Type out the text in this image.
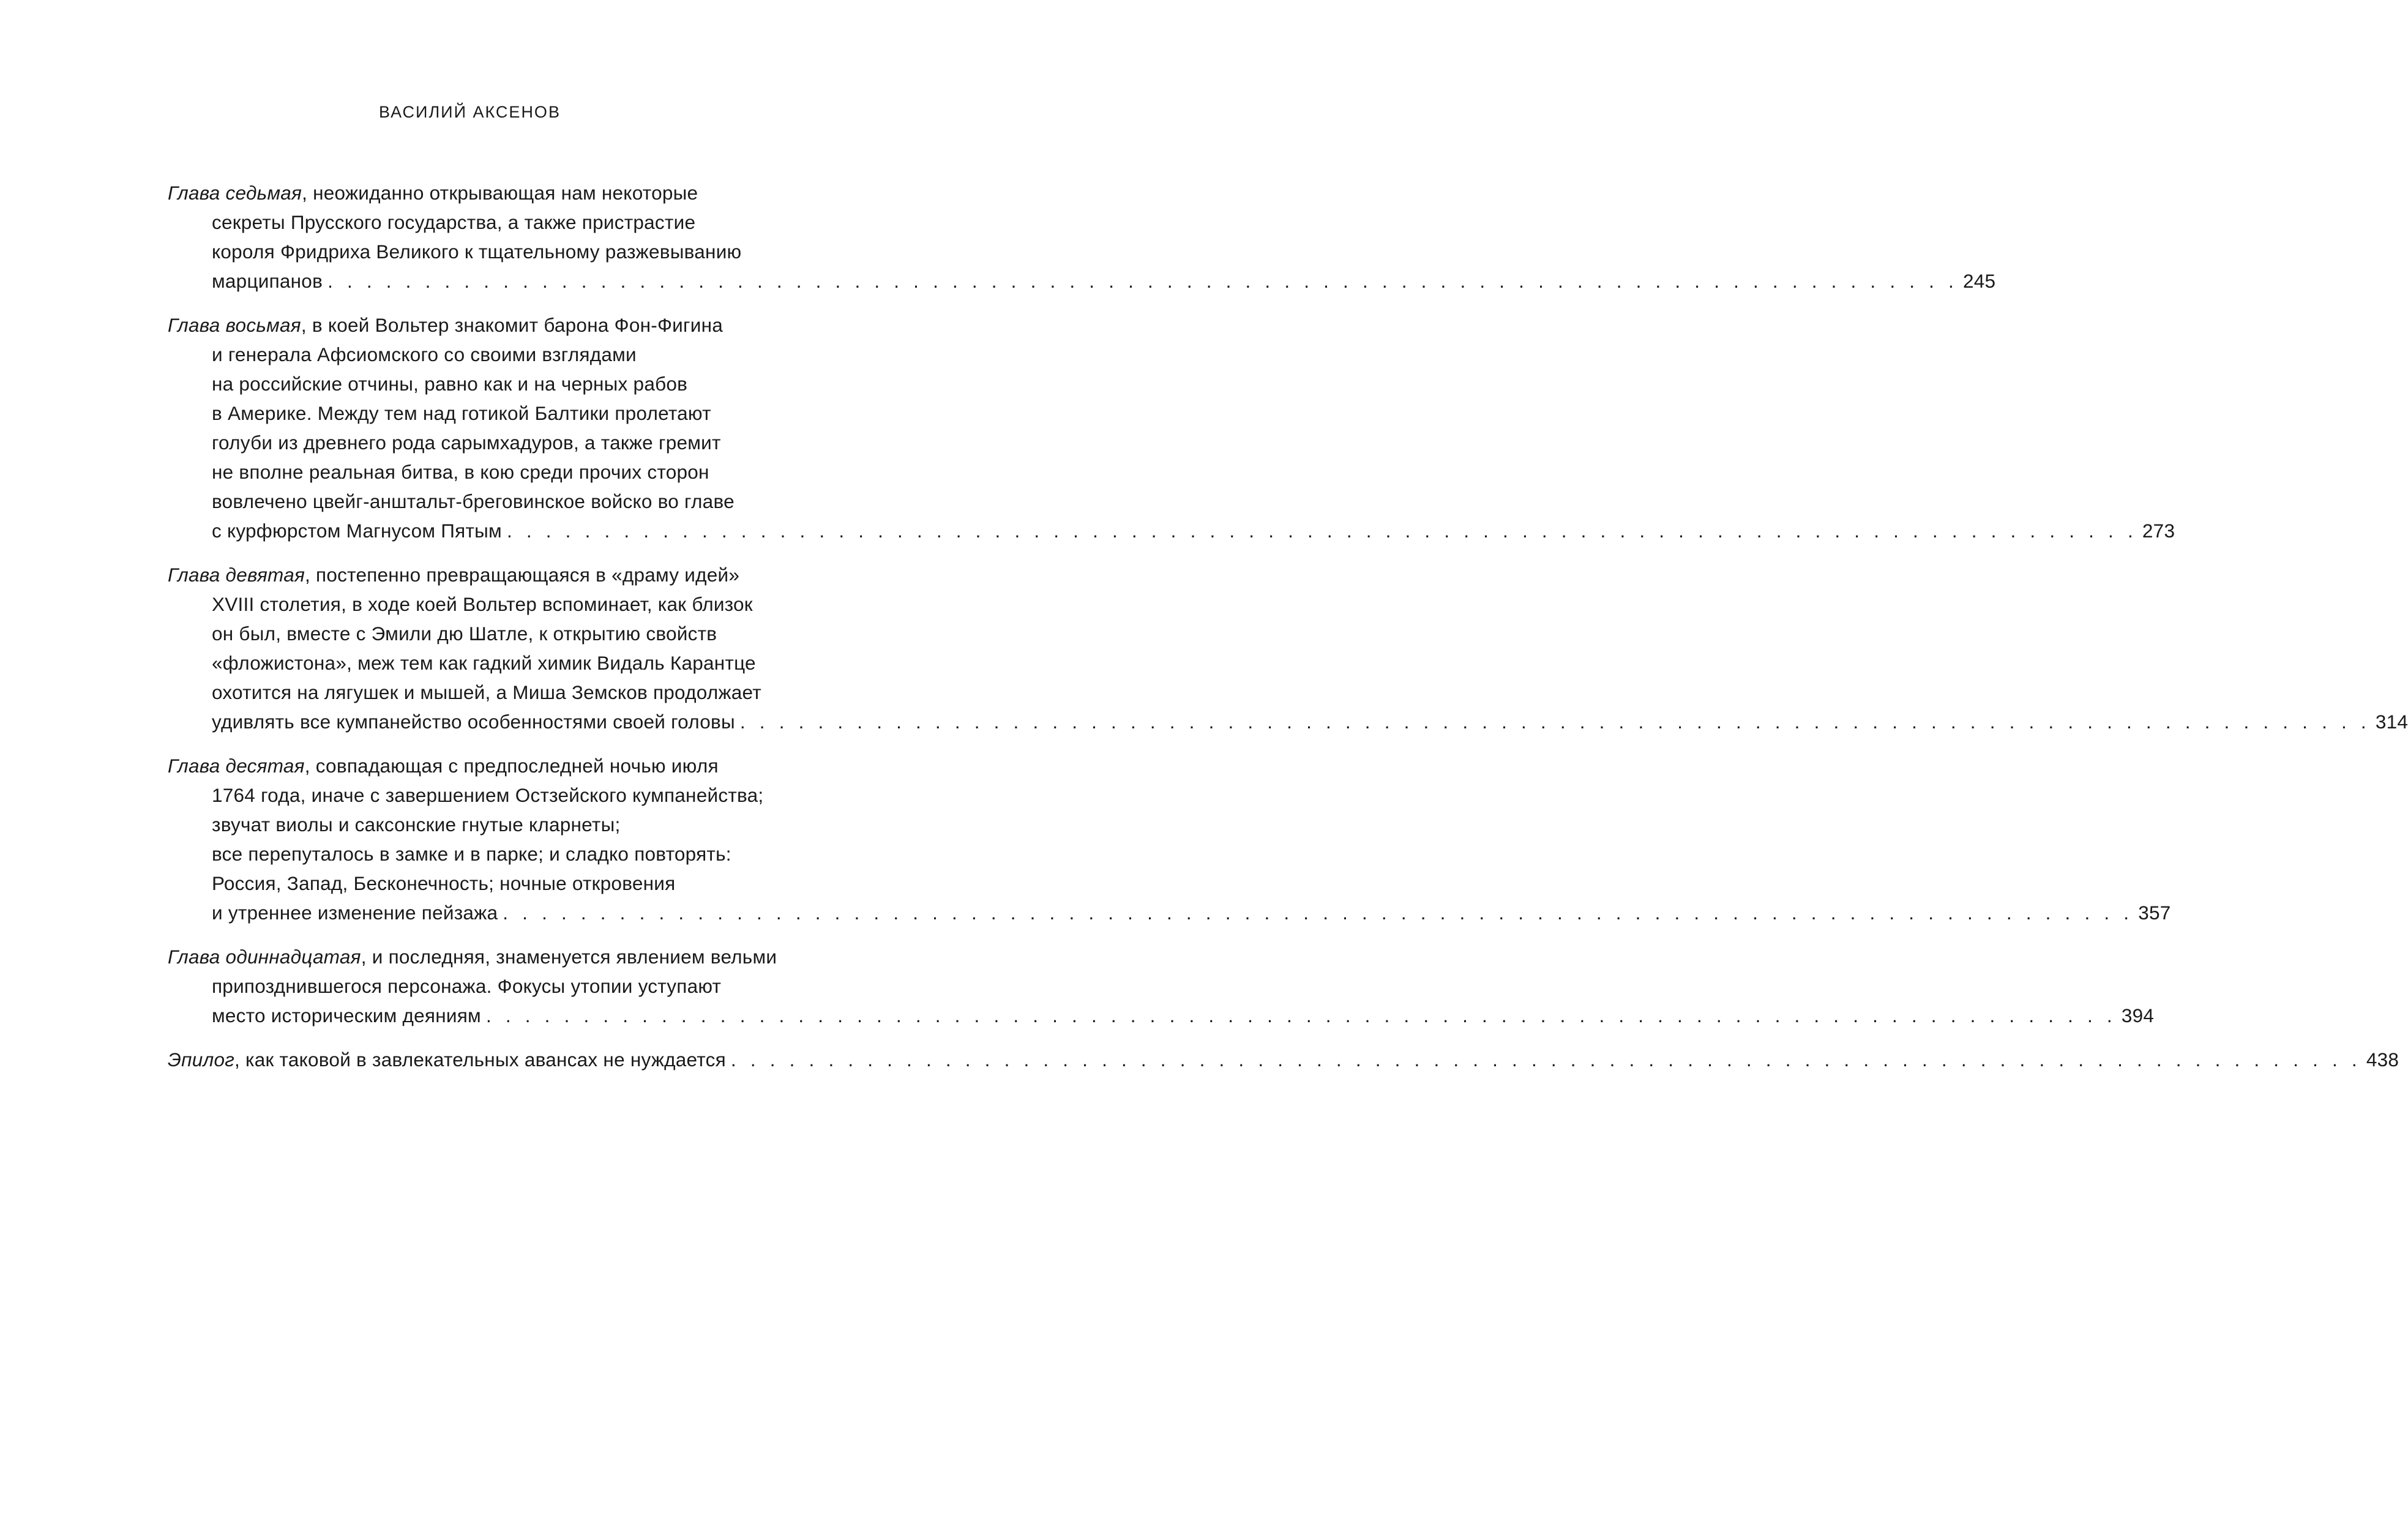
ВАСИЛИЙ АКСЕНОВ

Глава седьмая, неожиданно открывающая нам некоторые
секреты Прусского государства, а также пристрастие
короля Фридриха Великого к тщательному разжевыванию
марципанов . . . . . . . . . . . . . . . . . . . . . . . . . . . . . . . . . . . . . . . . . . . . . . . . . . . . . . . . . . . . . . . . . . . . . . . . . . . . . . . . . . . . 245

Глава восьмая, в коей Вольтер знакомит барона Фон-Фигина
и генерала Афсиомского со своими взглядами
на российские отчины, равно как и на черных рабов
в Америке. Между тем над готикой Балтики пролетают
голуби из древнего рода сарымхадуров, а также гремит
не вполне реальная битва, в кою среди прочих сторон
вовлечено цвейг-анштальт-бреговинское войско во главе
с курфюрстом Магнусом Пятым . . . . . . . . . . . . . . . . . . . . . . . . . . . . . . . . . . . . . . . . . . . . . . . . . . . . . . . . . . . . . . . . . . . . . . . . . . . . . . . . . . . . 273

Глава девятая, постепенно превращающаяся в «драму идей»
XVIII столетия, в ходе коей Вольтер вспоминает, как близок
он был, вместе с Эмили дю Шатле, к открытию свойств
«фложистона», меж тем как гадкий химик Видаль Карантце
охотится на лягушек и мышей, а Миша Земсков продолжает
удивлять все кумпанейство особенностями своей головы . . . . . . . . . . . . . . . . . . . . . . . . . . . . . . . . . . . . . . . . . . . . . . . . . . . . . . . . . . . . . . . . . . . . . . . . . . . . . . . . . . . . 314

Глава десятая, совпадающая с предпоследней ночью июля
1764 года, иначе с завершением Остзейского кумпанейства;
звучат виолы и саксонские гнутые кларнеты;
все перепуталось в замке и в парке; и сладко повторять:
Россия, Запад, Бесконечность; ночные откровения
и утреннее изменение пейзажа . . . . . . . . . . . . . . . . . . . . . . . . . . . . . . . . . . . . . . . . . . . . . . . . . . . . . . . . . . . . . . . . . . . . . . . . . . . . . . . . . . . . 357

Глава одиннадцатая, и последняя, знаменуется явлением вельми
припозднившегося персонажа. Фокусы утопии уступают
место историческим деяниям . . . . . . . . . . . . . . . . . . . . . . . . . . . . . . . . . . . . . . . . . . . . . . . . . . . . . . . . . . . . . . . . . . . . . . . . . . . . . . . . . . . . 394

Эпилог, как таковой в завлекательных авансах не нуждается . . . . . . . . . . . . . . . . . . . . . . . . . . . . . . . . . . . . . . . . . . . . . . . . . . . . . . . . . . . . . . . . . . . . . . . . . . . . . . . . . . . . 438
